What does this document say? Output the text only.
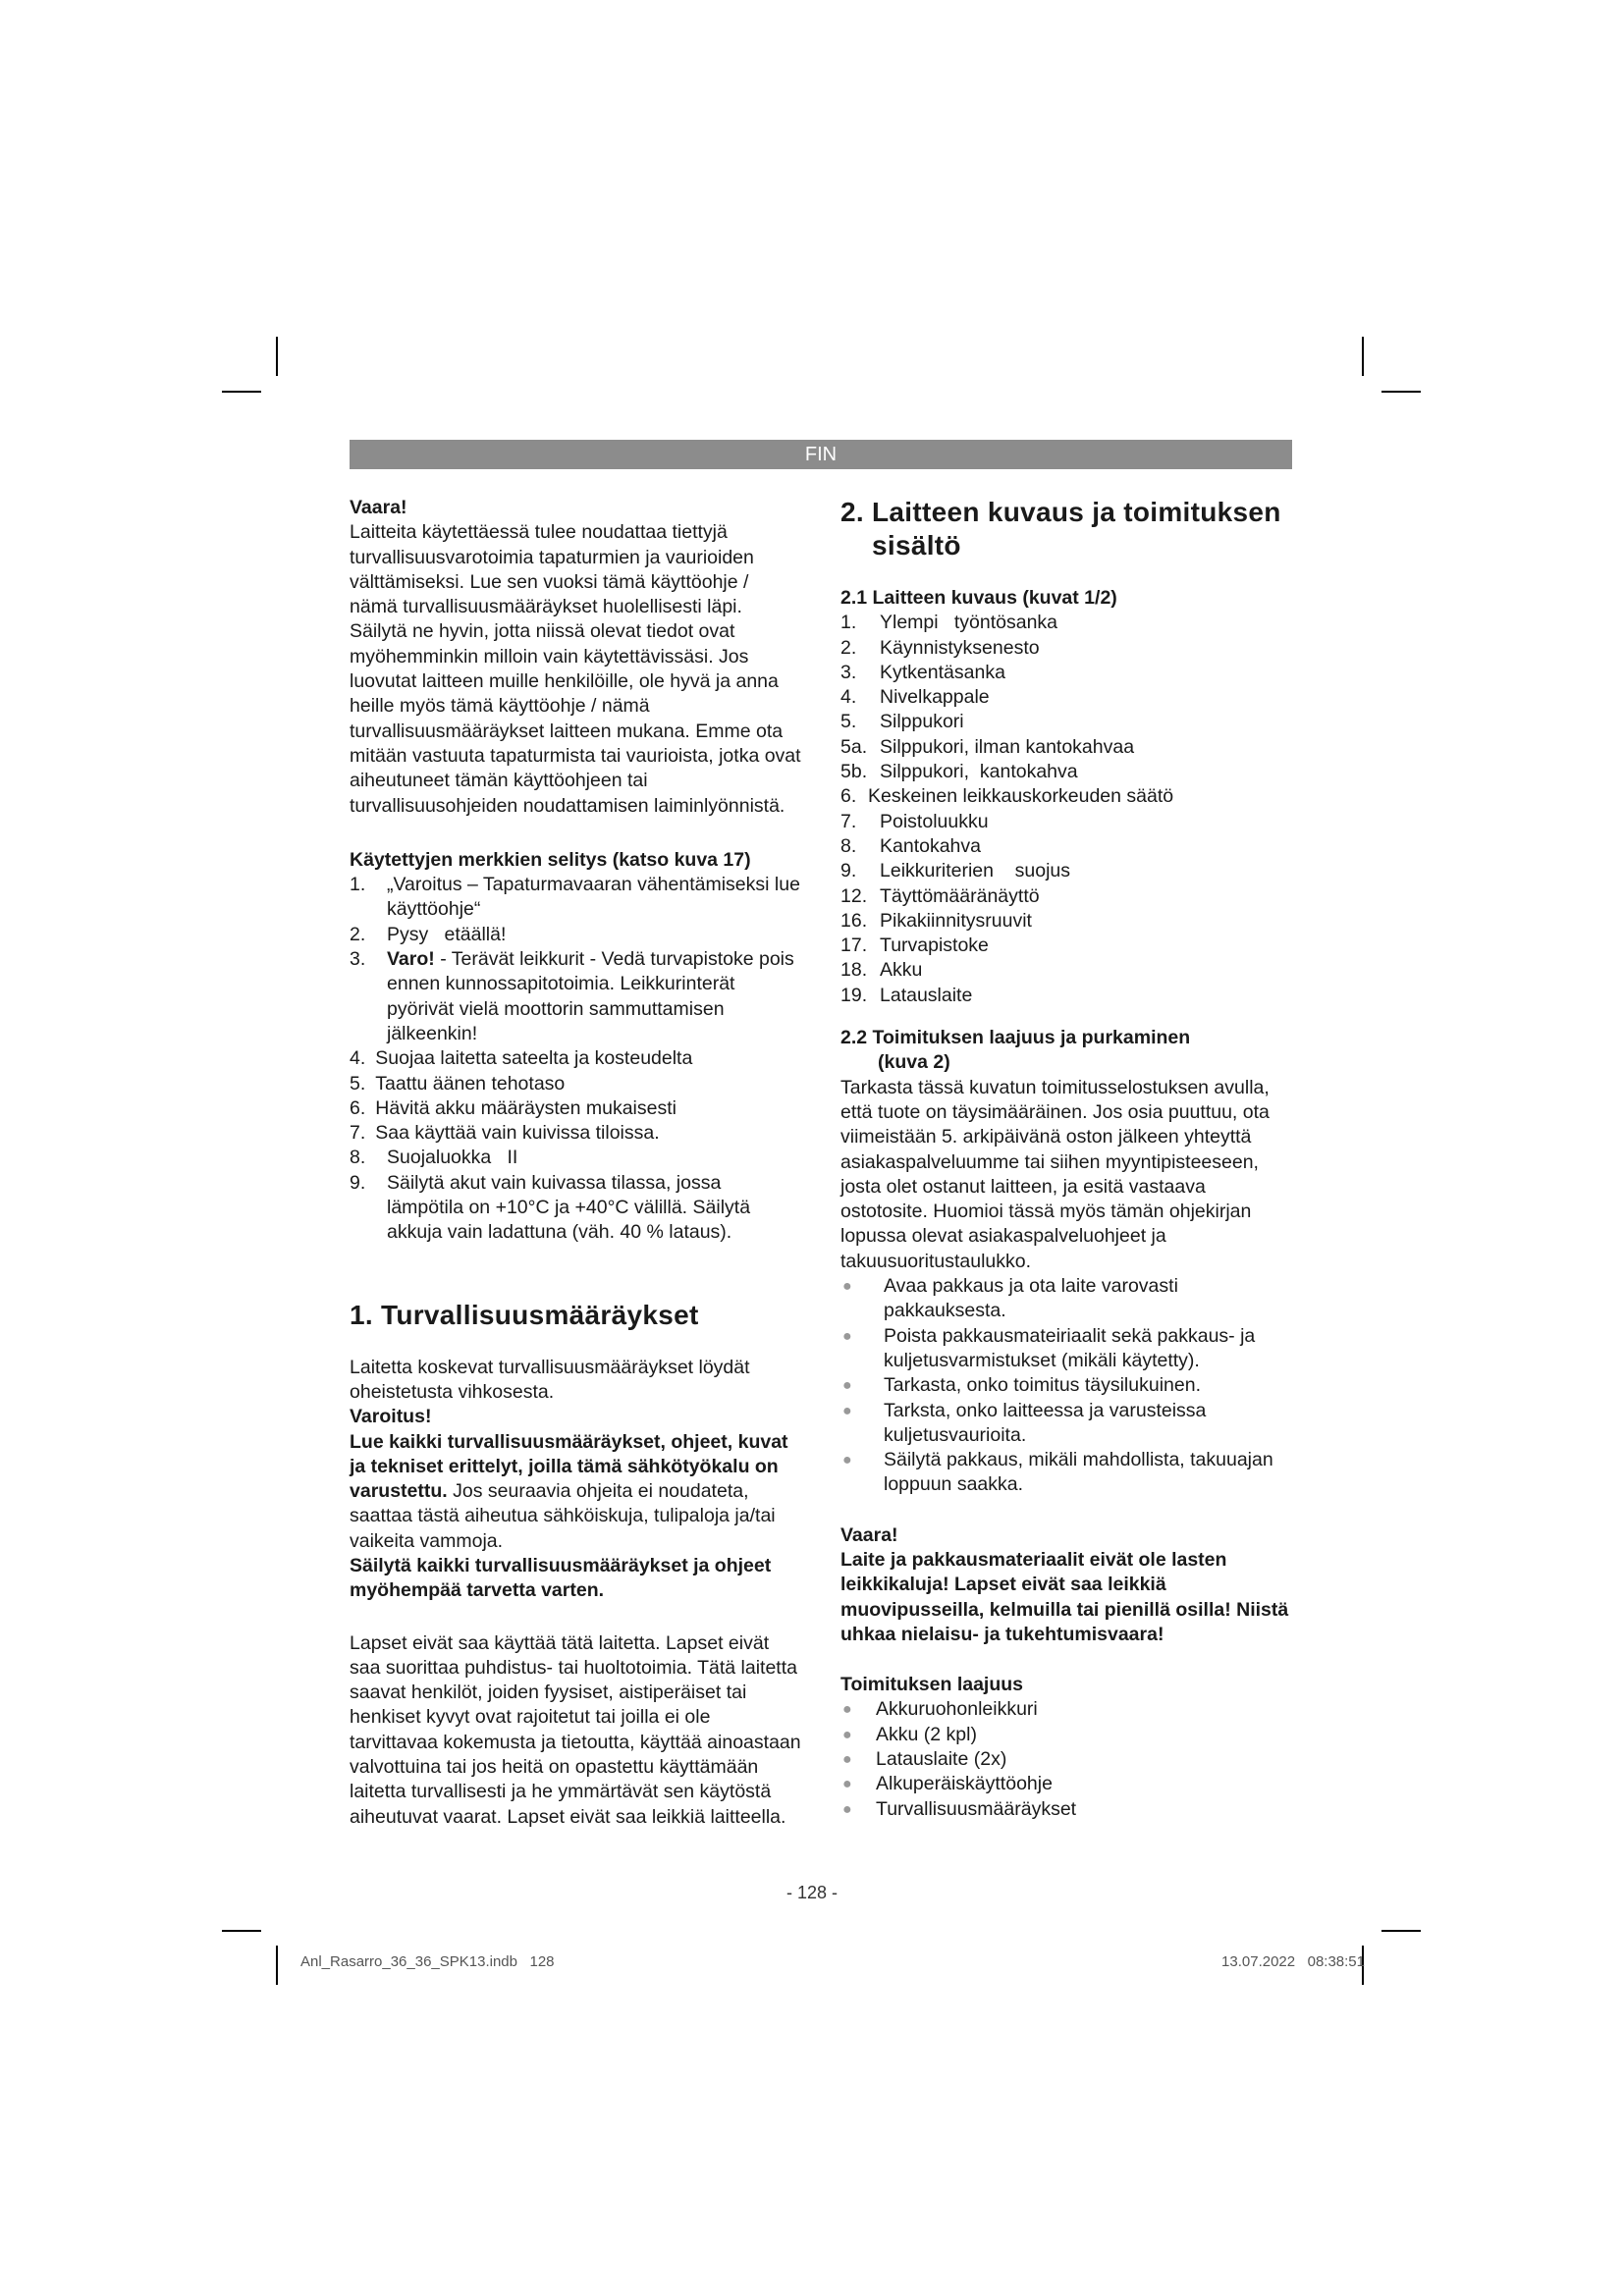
FIN
Vaara!

Laitteita käytettäessä tulee noudattaa tiettyjä turvallisuusvarotoimia tapaturmien ja vaurioiden välttämiseksi. Lue sen vuoksi tämä käyttöohje / nämä turvallisuusmääräykset huolellisesti läpi. Säilytä ne hyvin, jotta niissä olevat tiedot ovat myöhemminkin milloin vain käytettävissäsi. Jos luovutat laitteen muille henkilöille, ole hyvä ja anna heille myös tämä käyttöohje / nämä turvallisuusmääräykset laitteen mukana. Emme ota mitään vastuuta tapaturmista tai vaurioista, jotka ovat aiheutuneet tämän käyttöohjeen tai turvallisuusohjeiden noudattamisen laiminlyönnistä.

Käytettyjen merkkien selitys (katso kuva 17)
1. „Varoitus – Tapaturmavaaran vähentämiseksi lue käyttöohje“
2. Pysy   etäällä!
3. Varo! - Terävät leikkurit - Vedä turvapistoke pois ennen kunnossapitotoimia. Leikkurinterät pyörivät vielä moottorin sammuttamisen jälkeenkin!
4. Suojaa laitetta sateelta ja kosteudelta
5. Taattu äänen tehotaso
6. Hävitä akku määräysten mukaisesti
7. Saa käyttää vain kuivissa tiloissa.
8. Suojaluokka   II
9. Säilytä akut vain kuivassa tilassa, jossa lämpötila on +10°C ja +40°C välillä. Säilytä akkuja vain ladattuna (väh. 40 % lataus).
1. Turvallisuusmääräykset

Laitetta koskevat turvallisuusmääräykset löydät oheistetusta vihkosesta.

Varoitus!

Lue kaikki turvallisuusmääräykset, ohjeet, kuvat ja tekniset erittelyt, joilla tämä sähkötyökalu on varustettu. Jos seuraavia ohjeita ei noudateta, saattaa tästä aiheutua sähköiskuja, tulipaloja ja/tai vaikeita vammoja.

Säilytä kaikki turvallisuusmääräykset ja ohjeet myöhempää tarvetta varten.

Lapset eivät saa käyttää tätä laitetta. Lapset eivät saa suorittaa puhdistus- tai huoltotoimia. Tätä laitetta saavat henkilöt, joiden fyysiset, aistiperäiset tai henkiset kyvyt ovat rajoitetut tai joilla ei ole tarvittavaa kokemusta ja tietoutta, käyttää ainoastaan valvottuina tai jos heitä on opastettu käyttämään laitetta turvallisesti ja he ymmärtävät sen käytöstä aiheutuvat vaarat. Lapset eivät saa leikkiä laitteella.

2. Laitteen kuvaus ja toimituksen
sisältö
2.1 Laitteen kuvaus (kuvat 1/2)
1. Ylempi   työntösanka
2. Käynnistyksenesto
3. Kytkentäsanka
4. Nivelkappale
5. Silppukori
5a. Silppukori, ilman kantokahvaa
5b. Silppukori,  kantokahva
6. Keskeinen leikkauskorkeuden säätö
7. Poistoluukku
8. Kantokahva
9. Leikkuriterien    suojus
12. Täyttömääränäyttö
16. Pikakiinnitysruuvit
17. Turvapistoke
18. Akku
19. Latauslaite
2.2 Toimituksen laajuus ja purkaminen
(kuva 2)

Tarkasta tässä kuvatun toimitusselostuksen avulla, että tuote on täysimääräinen. Jos osia puuttuu, ota viimeistään 5. arkipäivänä oston jälkeen yhteyttä asiakaspalveluumme tai siihen myyntipisteeseen, josta olet ostanut laitteen, ja esitä vastaava ostotosite. Huomioi tässä myös tämän ohjekirjan lopussa olevat asiakaspalveluohjeet ja takuusuoritustaulukko.

● Avaa pakkaus ja ota laite varovasti pakkauksesta.
● Poista pakkausmateiriaalit sekä pakkaus- ja kuljetusvarmistukset (mikäli käytetty).
● Tarkasta, onko toimitus täysilukuinen.
● Tarksta, onko laitteessa ja varusteissa kuljetusvaurioita.
● Säilytä pakkaus, mikäli mahdollista, takuuajan loppuun saakka.
Vaara!

Laite ja pakkausmateriaalit eivät ole lasten leikkikaluja! Lapset eivät saa leikkiä muovipusseilla, kelmuilla tai pienillä osilla! Niistä uhkaa nielaisu- ja tukehtumisvaara!

Toimituksen laajuus
● Akkuruohonleikkuri
● Akku (2 kpl)
● Latauslaite (2x)
● Alkuperäiskäyttöohje
● Turvallisuusmääräykset
- 128 -
Anl_Rasarro_36_36_SPK13.indb   128	13.07.2022   08:38:51
